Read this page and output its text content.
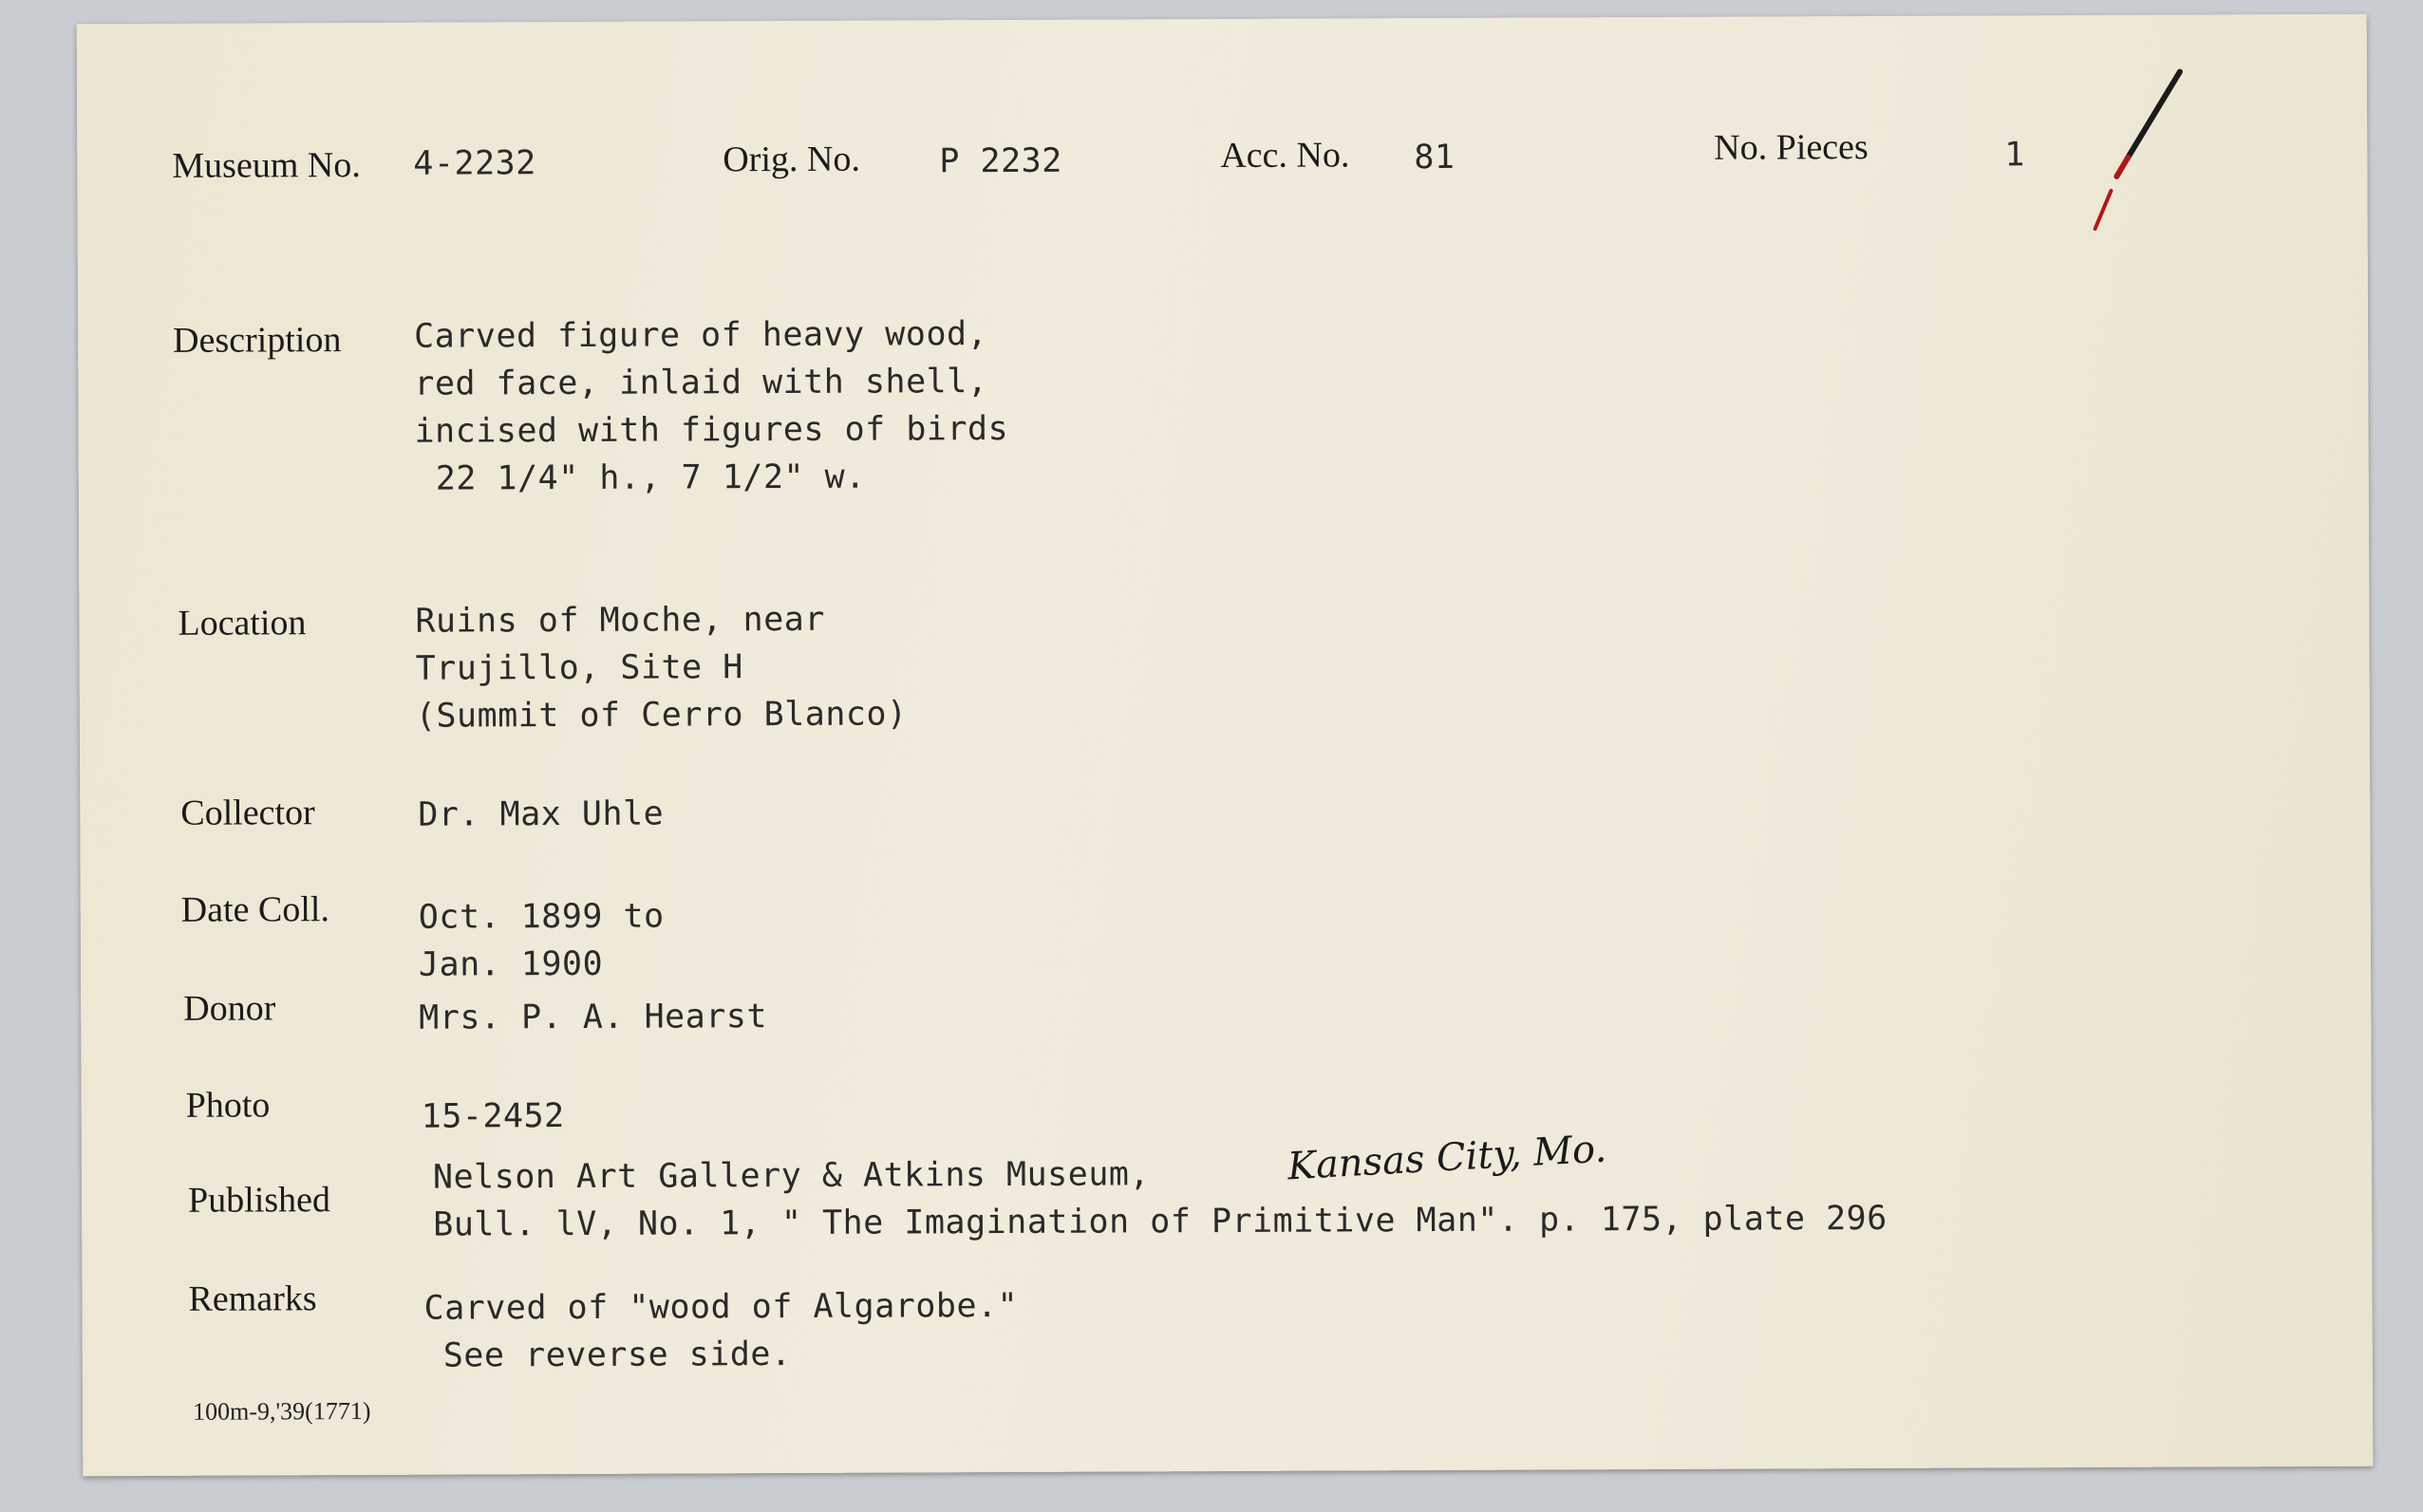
Museum No. 4-2232	Orig. No. P 2232	Acc. No. 81	No. Pieces	1
Description Carved figure of heavy wood,
red face, inlaid with shell,
incised with figures of birds
22 1/4" h., 7 1/2" w.
Location	Ruins of Moche, near
Trujillo, Site H
(Summit of Cerro Blanco)
Collector	Dr. Max Uhle
Date Coll.	Oct. 1899 to
Jan. 1900
Donor	Mrs. P. A. Hearst
Photo	15-2452
Published
Nelson Art Gallery & Atkins Museum,
Bull. lV, No. 1, " The Imagination of Primitive Man". p. 175, plate 296
Kansas City, Mo.
Remarks	Carved of "wood of Algarobe."
See reverse side.
100m-9,'39(1771)
